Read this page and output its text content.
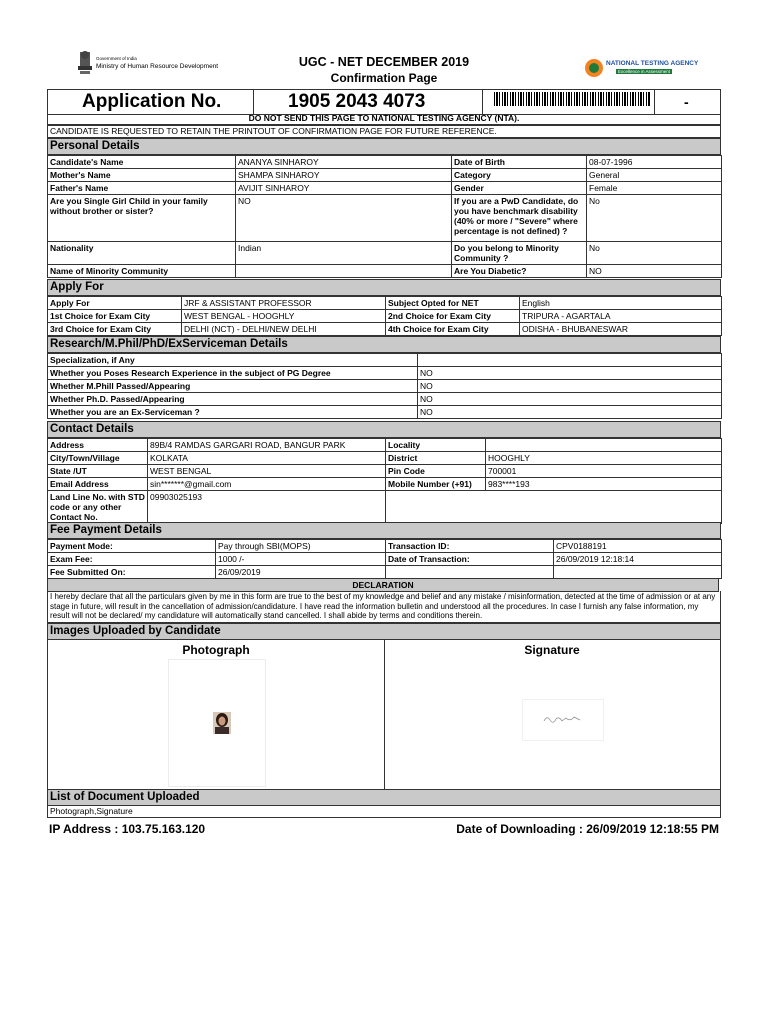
Government of India
Ministry of Human Resource Development	UGC - NET DECEMBER 2019
Confirmation Page
NATIONAL TESTING AGENCY
Excellence in Assessment
Application No.	1905 2043 4073	-
DO NOT SEND THIS PAGE TO NATIONAL TESTING AGENCY (NTA).
CANDIDATE IS REQUESTED TO RETAIN THE PRINTOUT OF CONFIRMATION PAGE FOR FUTURE REFERENCE.
Personal Details
Candidate's Name	ANANYA SINHAROY	Date of Birth	08-07-1996
Mother's Name	SHAMPA SINHAROY	Category	General
Father's Name	AVIJIT SINHAROY	Gender	Female
Are you Single Girl Child in your family without brother or sister?	NO	If you are a PwD Candidate, do you have benchmark disability (40% or more / "Severe" where percentage is not defined) ?	No
Nationality	Indian	Do you belong to Minority Community ?	No
Name of Minority Community		Are You Diabetic?	NO
Apply For
Apply For	JRF & ASSISTANT PROFESSOR	Subject Opted for NET	English
1st Choice for Exam City	WEST BENGAL - HOOGHLY	2nd Choice for Exam City	TRIPURA - AGARTALA
3rd Choice for Exam City	DELHI (NCT) - DELHI/NEW DELHI	4th Choice for Exam City	ODISHA - BHUBANESWAR
Research/M.Phil/PhD/ExServiceman Details
Specialization, if Any	
Whether you Poses Research Experience in the subject of PG Degree	NO
Whether M.Phill Passed/Appearing	NO
Whether Ph.D. Passed/Appearing	NO
Whether you are an Ex-Serviceman ?	NO
Contact Details
Address	89B/4 RAMDAS GARGARI ROAD, BANGUR PARK	Locality	
City/Town/Village	KOLKATA	District	HOOGHLY
State /UT	WEST BENGAL	Pin Code	700001
Email Address	sin*******@gmail.com	Mobile Number (+91)	983****193
Land Line No. with STD code or any other Contact No.	09903025193		
Fee Payment Details
Payment Mode:	Pay through SBI(MOPS)	Transaction ID:	CPV0188191
Exam Fee:	1000 /-	Date of Transaction:	26/09/2019 12:18:14
Fee Submitted On:	26/09/2019		
DECLARATION
I hereby declare that all the particulars given by me in this form are true to the best of my knowledge and belief and any mistake / misinformation, detected at the time of admission or at any stage in future, will result in the cancellation of admission/candidature. I have read the information bulletin and understood all the procedures. In case I furnish any false information, my result will not be declared/ my candidature will automatically stand cancelled. I shall abide by terms and conditions therein.
Images Uploaded by Candidate
Photograph	Signature
List of Document Uploaded
Photograph,Signature
IP Address : 103.75.163.120	Date of Downloading : 26/09/2019 12:18:55 PM
